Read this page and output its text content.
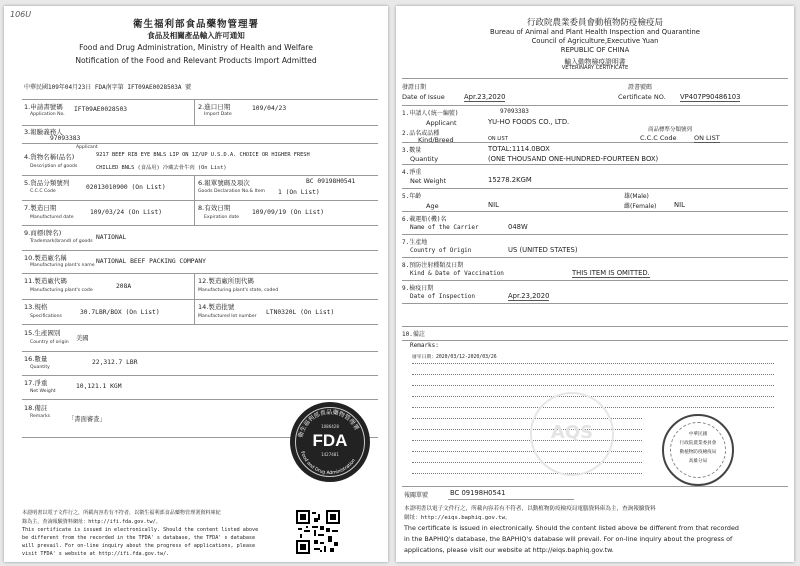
106U
衛生福利部食品藥物管理署
食品及相關產品輸入許可通知
Food and Drug Administration, Ministry of Health and Welfare
Notification of the Food and Relevant Products Import Admitted
中華民國109年04月23日 FDA南字第 IFT09AE0028503A 號
1.申請書號碼
Application No.
IFT09AE0028503	2.進口日期
Import Date
109/04/23
3.報驗義務人
97093383
Applicant
4.貨物名稱(品名)
Description of goods
9217 BEEF RIB EYE BNLS LIP ON 1Z/UP U.S.D.A. CHOICE OR HIGHER FRESH
CHILLED BNLS (食品用) 冷藏去骨牛肉 (On List)
5.貨品分類號列
C.C.C Code
02013010900 (On List)
6.報單號碼及項次
Goods Declaration No.& Item
BC 09198H0541
1 (On List)
7.製造日期
Manufactured date
109/03/24 (On List)
8.有效日期
Expiration date
109/09/19 (On List)
9.商標(牌名)
Trademark(brand) of goods
NATIONAL
10.製造廠名稱
Manufacturing plant's name
NATIONAL BEEF PACKING COMPANY
11.製造廠代碼
Manufacturing plant's code
208A
12.製造廠所別代碼
Manufacturing plant's state, coded
13.規格
Specifications
30.7LBR/BOX (On List)
14.製造批號
Manufactured lot number
LTN0320L (On List)
15.生產國別
Country of origin
美國
16.數量
Quantity
22,312.7 LBR
17.淨重
Net Weight
10,121.1 KGM
18.備註
Remarks	「書面審查」
衛生福利部食品藥物管理署
Food and Drug Administration
1086428
FDA
1427481
本證明書以電子文件行之，所載內容若有不符者，以衛生福利部食品藥物管理署資料庫紀
錄為主，查詢報驗資料網址：http://ifi.fda.gov.tw/。
This certificate is issued in electronically. Should the content listed above
be different from the recorded in the TFDA' s database, the TFDA' s database
will prevail. For on-line inquiry about the progress of applications, please
visit TFDA' s website at http://ifi.fda.gov.tw/.
行政院農業委員會動植物防疫檢疫局
Bureau of Animal and Plant Health Inspection and Quarantine
Council of Agriculture,Executive Yuan
REPUBLIC OF CHINA
輸入動物檢疫證明書
VETERINARY CERTIFICATE
發證日期
Date of Issue	Apr.23,2020
證書號碼
Certificate NO. VP407P90486103
1.申請人(統一編號)	97093383
Applicant	YU-HO FOODS CO., LTD.
2.品名或品種
Kind/Breed	ON LIST
商品標準分類號列
C.C.C Code	ON LIST
3.數量	TOTAL:1114.0BOX
Quantity	(ONE THOUSAND ONE-HUNDRED-FOURTEEN BOX)
4.淨重
Net Weight	15278.2KGM
5.年齡
Age	NIL
雄(Male)
雌(Female)	NIL
6.載運船(機)名
Name of the Carrier	048W
7.生產地
Country of Origin	US (UNITED STATES)
8.預防注射種類及日期
Kind & Date of Vaccination	THIS ITEM IS OMITTED.
9.檢疫日期
Date of Inspection	Apr.23,2020
10.備註
Remarks:
屠宰日期：2020/03/12-2020/03/26
AQS	中華民國
行政院農業委員會
動植物防疫檢疫局
高雄分局
報關單號	BC 09198H0541
本證明書以電子文件行之，所載內容若有不符者，以動植物防疫檢疫局電腦資料庫為主，查詢報驗資料
網址：http://eiqs.baphiq.gov.tw。
The certificate is issued in electronically. Should the content listed above be different from that recorded
in the BAPHIQ's database, the BAPHIQ's database will prevail. For on-line inquiry about the progress of
applications, please visit our website at http://eiqs.baphiq.gov.tw.
